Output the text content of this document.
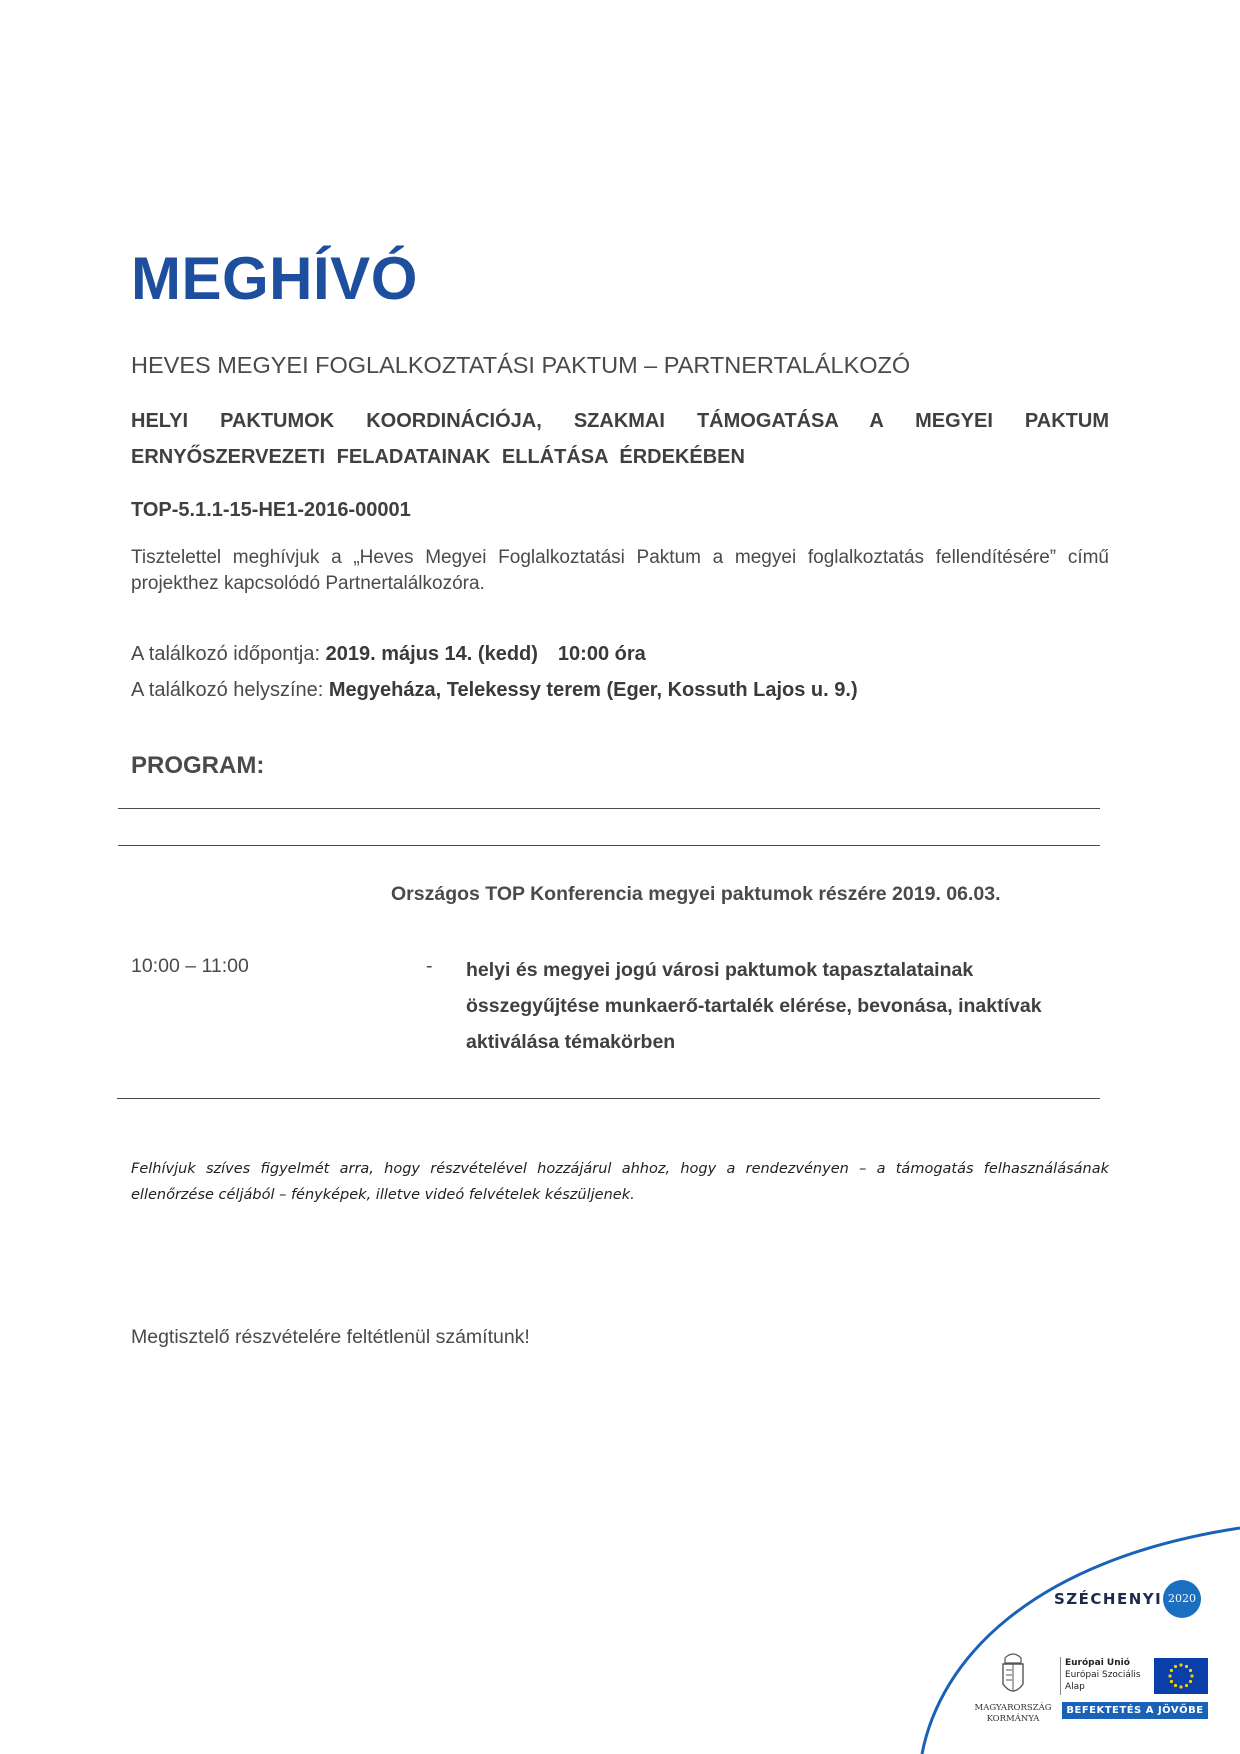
MEGHÍVÓ

HEVES MEGYEI FOGLALKOZTATÁSI PAKTUM – PARTNERTALÁLKOZÓ

HELYI PAKTUMOK KOORDINÁCIÓJA, SZAKMAI TÁMOGATÁSA A MEGYEI PAKTUM ERNYŐSZERVEZETI FELADATAINAK ELLÁTÁSA ÉRDEKÉBEN

TOP-5.1.1-15-HE1-2016-00001

Tisztelettel meghívjuk a „Heves Megyei Foglalkoztatási Paktum a megyei foglalkoztatás fellendítésére” című projekthez kapcsolódó Partnertalálkozóra.

A találkozó időpontja: 2019. május 14. (kedd) 10:00 óra
A találkozó helyszíne: Megyeháza, Telekessy terem (Eger, Kossuth Lajos u. 9.)
PROGRAM:
Országos TOP Konferencia megyei paktumok részére 2019. 06.03.
10:00 – 11:00	- helyi és megyei jogú városi paktumok tapasztalatainak összegyűjtése munkaerő-tartalék elérése, bevonása, inaktívak aktiválása témakörben

Felhívjuk szíves figyelmét arra, hogy részvételével hozzájárul ahhoz, hogy a rendezvényen – a támogatás felhasználásának ellenőrzése céljából – fényképek, illetve videó felvételek készüljenek.

Megtisztelő részvételére feltétlenül számítunk!
SZÉCHENYI 2020
MAGYARORSZÁG
KORMÁNYA
Európai Unió
Európai Szociális
Alap
BEFEKTETÉS A JÖVŐBE
